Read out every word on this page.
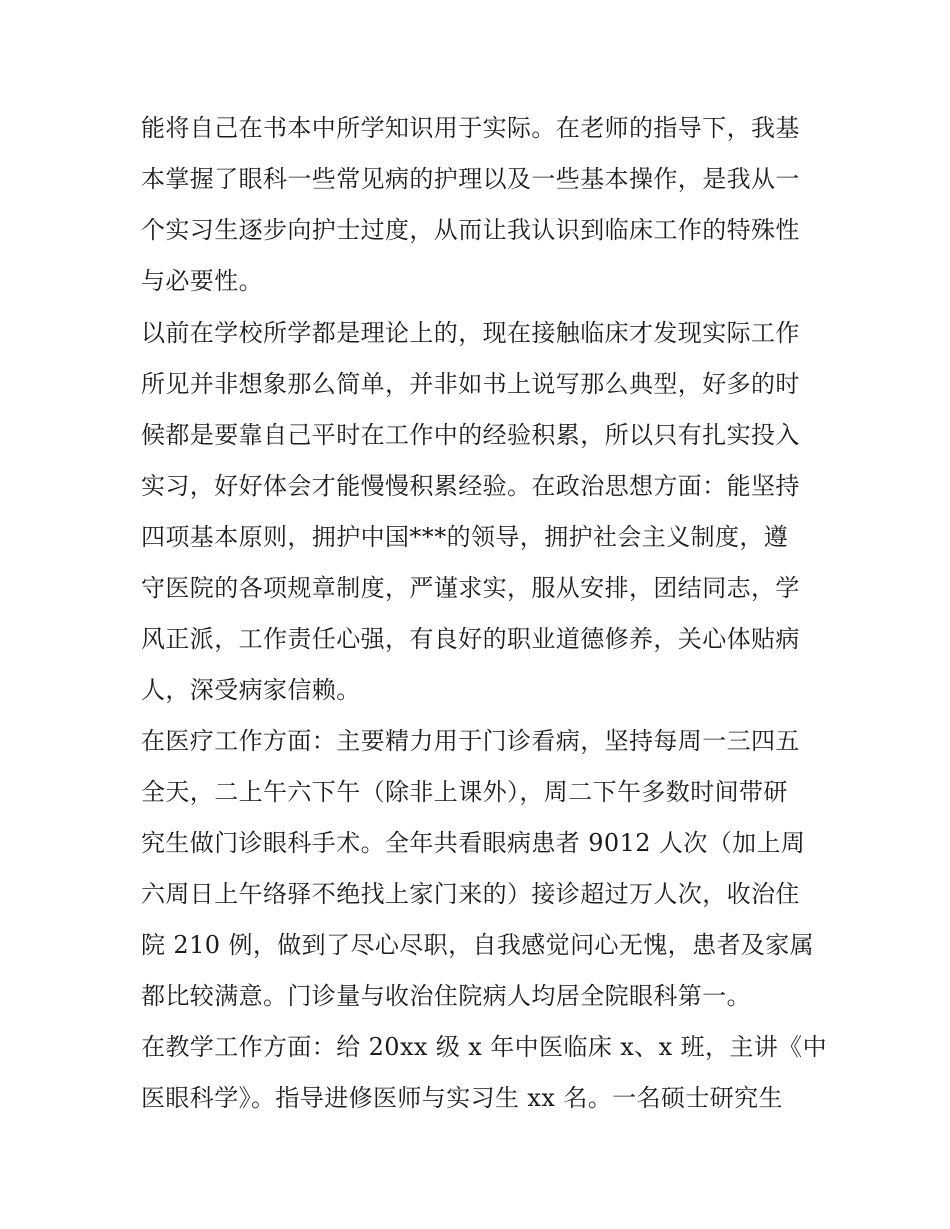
能将自己在书本中所学知识用于实际。在老师的指导下，我基
本掌握了眼科一些常见病的护理以及一些基本操作，是我从一
个实习生逐步向护士过度，从而让我认识到临床工作的特殊性
与必要性。
以前在学校所学都是理论上的，现在接触临床才发现实际工作
所见并非想象那么简单，并非如书上说写那么典型，好多的时
候都是要靠自己平时在工作中的经验积累，所以只有扎实投入
实习，好好体会才能慢慢积累经验。在政治思想方面：能坚持
四项基本原则，拥护中国***的领导，拥护社会主义制度，遵
守医院的各项规章制度，严谨求实，服从安排，团结同志，学
风正派，工作责任心强，有良好的职业道德修养，关心体贴病
人，深受病家信赖。
在医疗工作方面：主要精力用于门诊看病，坚持每周一三四五
全天，二上午六下午（除非上课外），周二下午多数时间带研
究生做门诊眼科手术。全年共看眼病患者 9012 人次（加上周
六周日上午络驿不绝找上家门来的）接诊超过万人次，收治住
院 210 例，做到了尽心尽职，自我感觉问心无愧，患者及家属
都比较满意。门诊量与收治住院病人均居全院眼科第一。
在教学工作方面：给 20xx 级 x 年中医临床 x、x 班，主讲《中
医眼科学》。指导进修医师与实习生 xx 名。一名硕士研究生
